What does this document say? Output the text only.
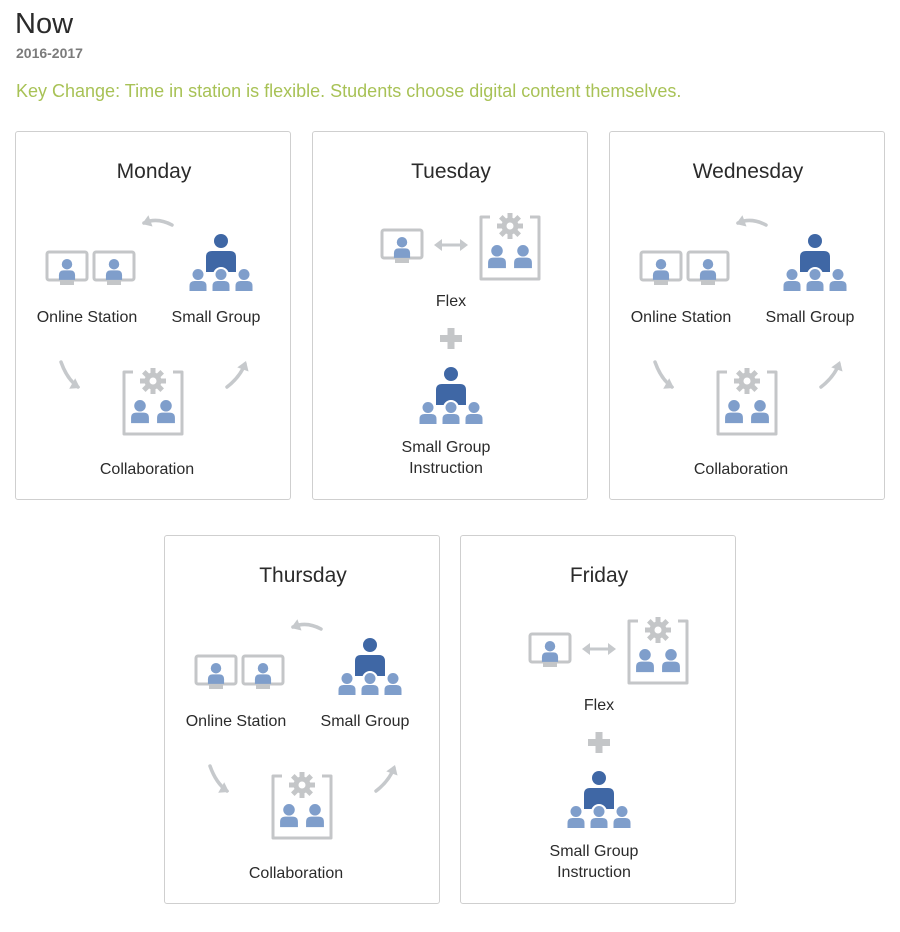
Now
2016-2017
Key Change: Time in station is flexible. Students choose digital content themselves.
Monday
Online Station Small Group
Collaboration
Tuesday
Flex
Small Group
Instruction
Wednesday
Online Station Small Group
Collaboration
Thursday
Online Station Small Group
Collaboration
Friday
Flex
Small Group
Instruction
